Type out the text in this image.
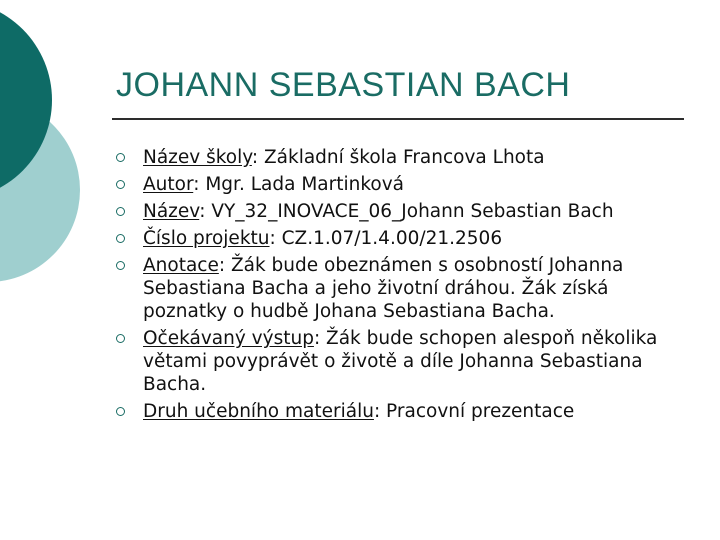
JOHANN SEBASTIAN BACH
Název školy: Základní škola Francova Lhota
Autor: Mgr. Lada Martinková
Název: VY_32_INOVACE_06_Johann Sebastian Bach
Číslo projektu: CZ.1.07/1.4.00/21.2506
Anotace: Žák bude obeznámen s osobností Johanna Sebastiana Bacha a jeho životní dráhou. Žák získá poznatky o hudbě Johana Sebastiana Bacha.
Očekávaný výstup: Žák bude schopen alespoň několika větami povyprávět o životě a díle Johanna Sebastiana Bacha.
Druh učebního materiálu: Pracovní prezentace
